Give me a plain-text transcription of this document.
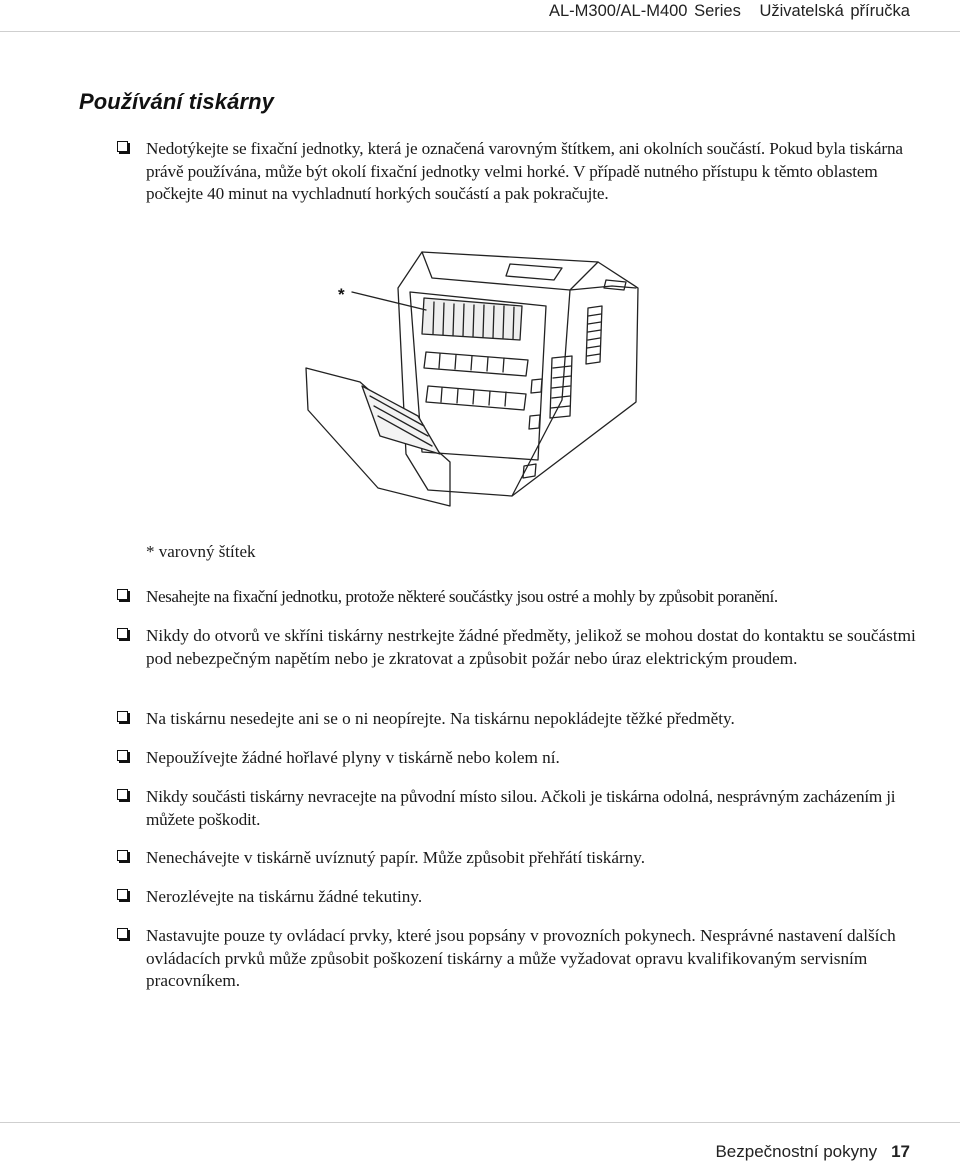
AL-M300/AL-M400 Series Uživatelská příručka
Používání tiskárny
Nedotýkejte se fixační jednotky, která je označená varovným štítkem, ani okolních součástí. Pokud byla tiskárna právě používána, může být okolí fixační jednotky velmi horké. V případě nutného přístupu k těmto oblastem počkejte 40 minut na vychladnutí horkých součástí a pak pokračujte.
*
* varovný štítek
Nesahejte na fixační jednotku, protože některé součástky jsou ostré a mohly by způsobit poranění.
Nikdy do otvorů ve skříni tiskárny nestrkejte žádné předměty, jelikož se mohou dostat do kontaktu se součástmi pod nebezpečným napětím nebo je zkratovat a způsobit požár nebo úraz elektrickým proudem.
Na tiskárnu nesedejte ani se o ni neopírejte. Na tiskárnu nepokládejte těžké předměty.
Nepoužívejte žádné hořlavé plyny v tiskárně nebo kolem ní.
Nikdy součásti tiskárny nevracejte na původní místo silou. Ačkoli je tiskárna odolná, nesprávným zacházením ji můžete poškodit.
Nenechávejte v tiskárně uvíznutý papír. Může způsobit přehřátí tiskárny.
Nerozlévejte na tiskárnu žádné tekutiny.
Nastavujte pouze ty ovládací prvky, které jsou popsány v provozních pokynech. Nesprávné nastavení dalších ovládacích prvků může způsobit poškození tiskárny a může vyžadovat opravu kvalifikovaným servisním pracovníkem.
Bezpečnostní pokyny 17
